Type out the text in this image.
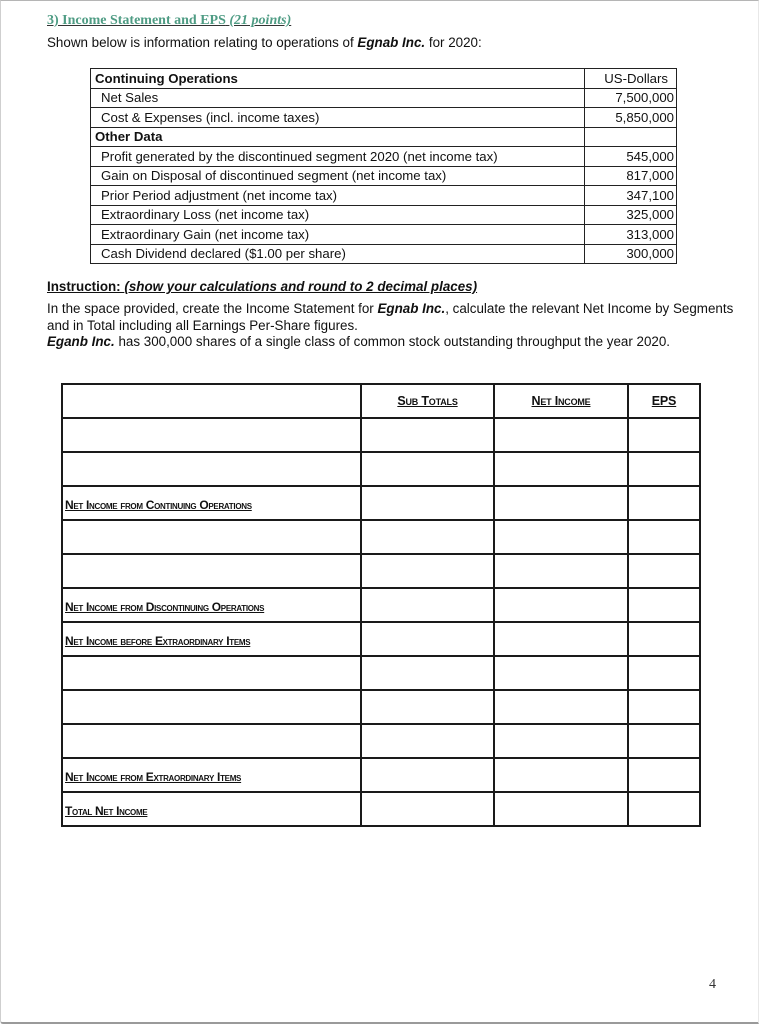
3) Income Statement and EPS (21 points)
Shown below is information relating to operations of Egnab Inc. for 2020:
Continuing Operations	US-Dollars
Net Sales	7,500,000
Cost & Expenses (incl. income taxes)	5,850,000
Other Data	
Profit generated by the discontinued segment 2020 (net income tax)	545,000
Gain on Disposal of discontinued segment (net income tax)	817,000
Prior Period adjustment (net income tax)	347,100
Extraordinary Loss (net income tax)	325,000
Extraordinary Gain (net income tax)	313,000
Cash Dividend declared ($1.00 per share)	300,000
Instruction: (show your calculations and round to 2 decimal places)
In the space provided, create the Income Statement for Egnab Inc., calculate the relevant Net Income by Segments and in Total including all Earnings Per-Share figures.
Eganb Inc. has 300,000 shares of a single class of common stock outstanding throughput the year 2020.

	Sub Totals	Net Income	EPS

Net Income from Continuing Operations			

Net Income from Discontinuing Operations			
Net Income before Extraordinary Items			

Net Income from Extraordinary Items			
Total Net Income			
4
